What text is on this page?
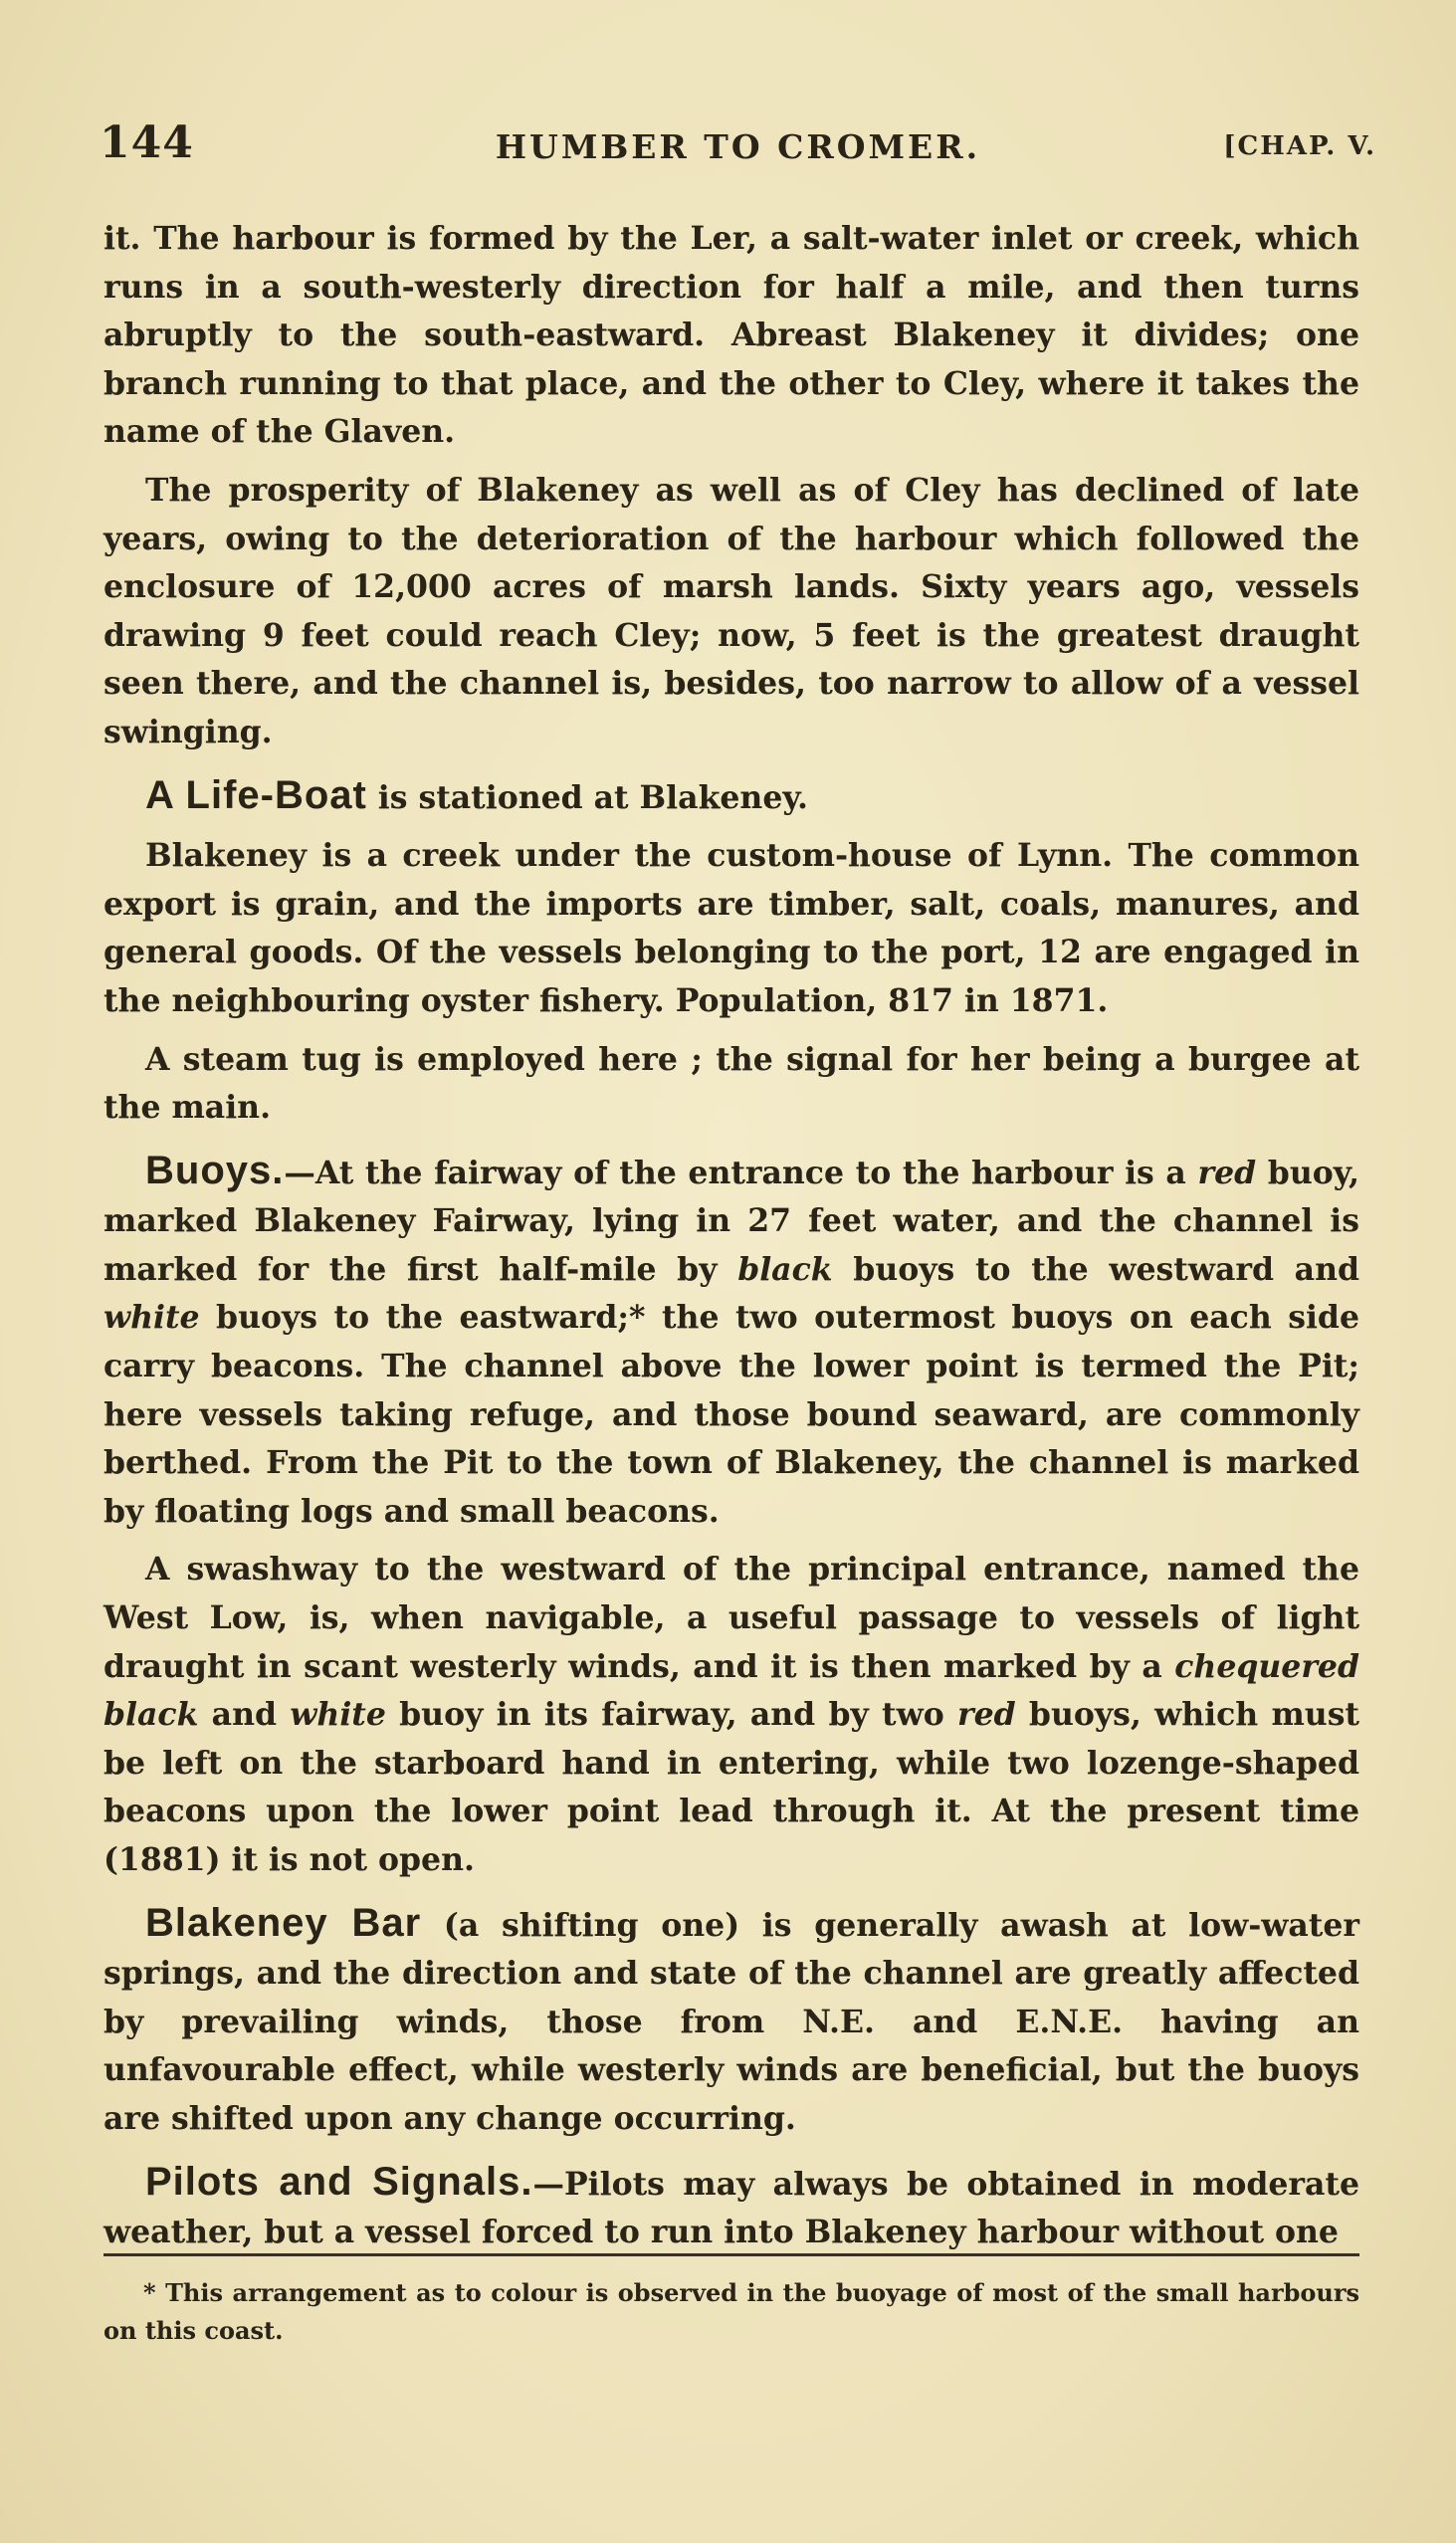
144	HUMBER TO CROMER.	[CHAP. V.

it. The harbour is formed by the Ler, a salt-water inlet or creek, which runs in a south-westerly direction for half a mile, and then turns abruptly to the south-eastward. Abreast Blakeney it divides; one branch running to that place, and the other to Cley, where it takes the name of the Glaven.

The prosperity of Blakeney as well as of Cley has declined of late years, owing to the deterioration of the harbour which followed the enclosure of 12,000 acres of marsh lands. Sixty years ago, vessels drawing 9 feet could reach Cley; now, 5 feet is the greatest draught seen there, and the channel is, besides, too narrow to allow of a vessel swinging.

A Life-Boat is stationed at Blakeney.

Blakeney is a creek under the custom-house of Lynn. The common export is grain, and the imports are timber, salt, coals, manures, and general goods. Of the vessels belonging to the port, 12 are engaged in the neighbouring oyster fishery. Population, 817 in 1871.

A steam tug is employed here ; the signal for her being a burgee at the main.

Buoys.—At the fairway of the entrance to the harbour is a red buoy, marked Blakeney Fairway, lying in 27 feet water, and the channel is marked for the first half-mile by black buoys to the westward and white buoys to the eastward;* the two outermost buoys on each side carry beacons. The channel above the lower point is termed the Pit; here vessels taking refuge, and those bound seaward, are commonly berthed. From the Pit to the town of Blakeney, the channel is marked by floating logs and small beacons.

A swashway to the westward of the principal entrance, named the West Low, is, when navigable, a useful passage to vessels of light draught in scant westerly winds, and it is then marked by a chequered black and white buoy in its fairway, and by two red buoys, which must be left on the starboard hand in entering, while two lozenge-shaped beacons upon the lower point lead through it. At the present time (1881) it is not open.

Blakeney Bar (a shifting one) is generally awash at low-water springs, and the direction and state of the channel are greatly affected by prevailing winds, those from N.E. and E.N.E. having an unfavourable effect, while westerly winds are beneficial, but the buoys are shifted upon any change occurring.

Pilots and Signals.—Pilots may always be obtained in moderate weather, but a vessel forced to run into Blakeney harbour without one

* This arrangement as to colour is observed in the buoyage of most of the small harbours on this coast.
